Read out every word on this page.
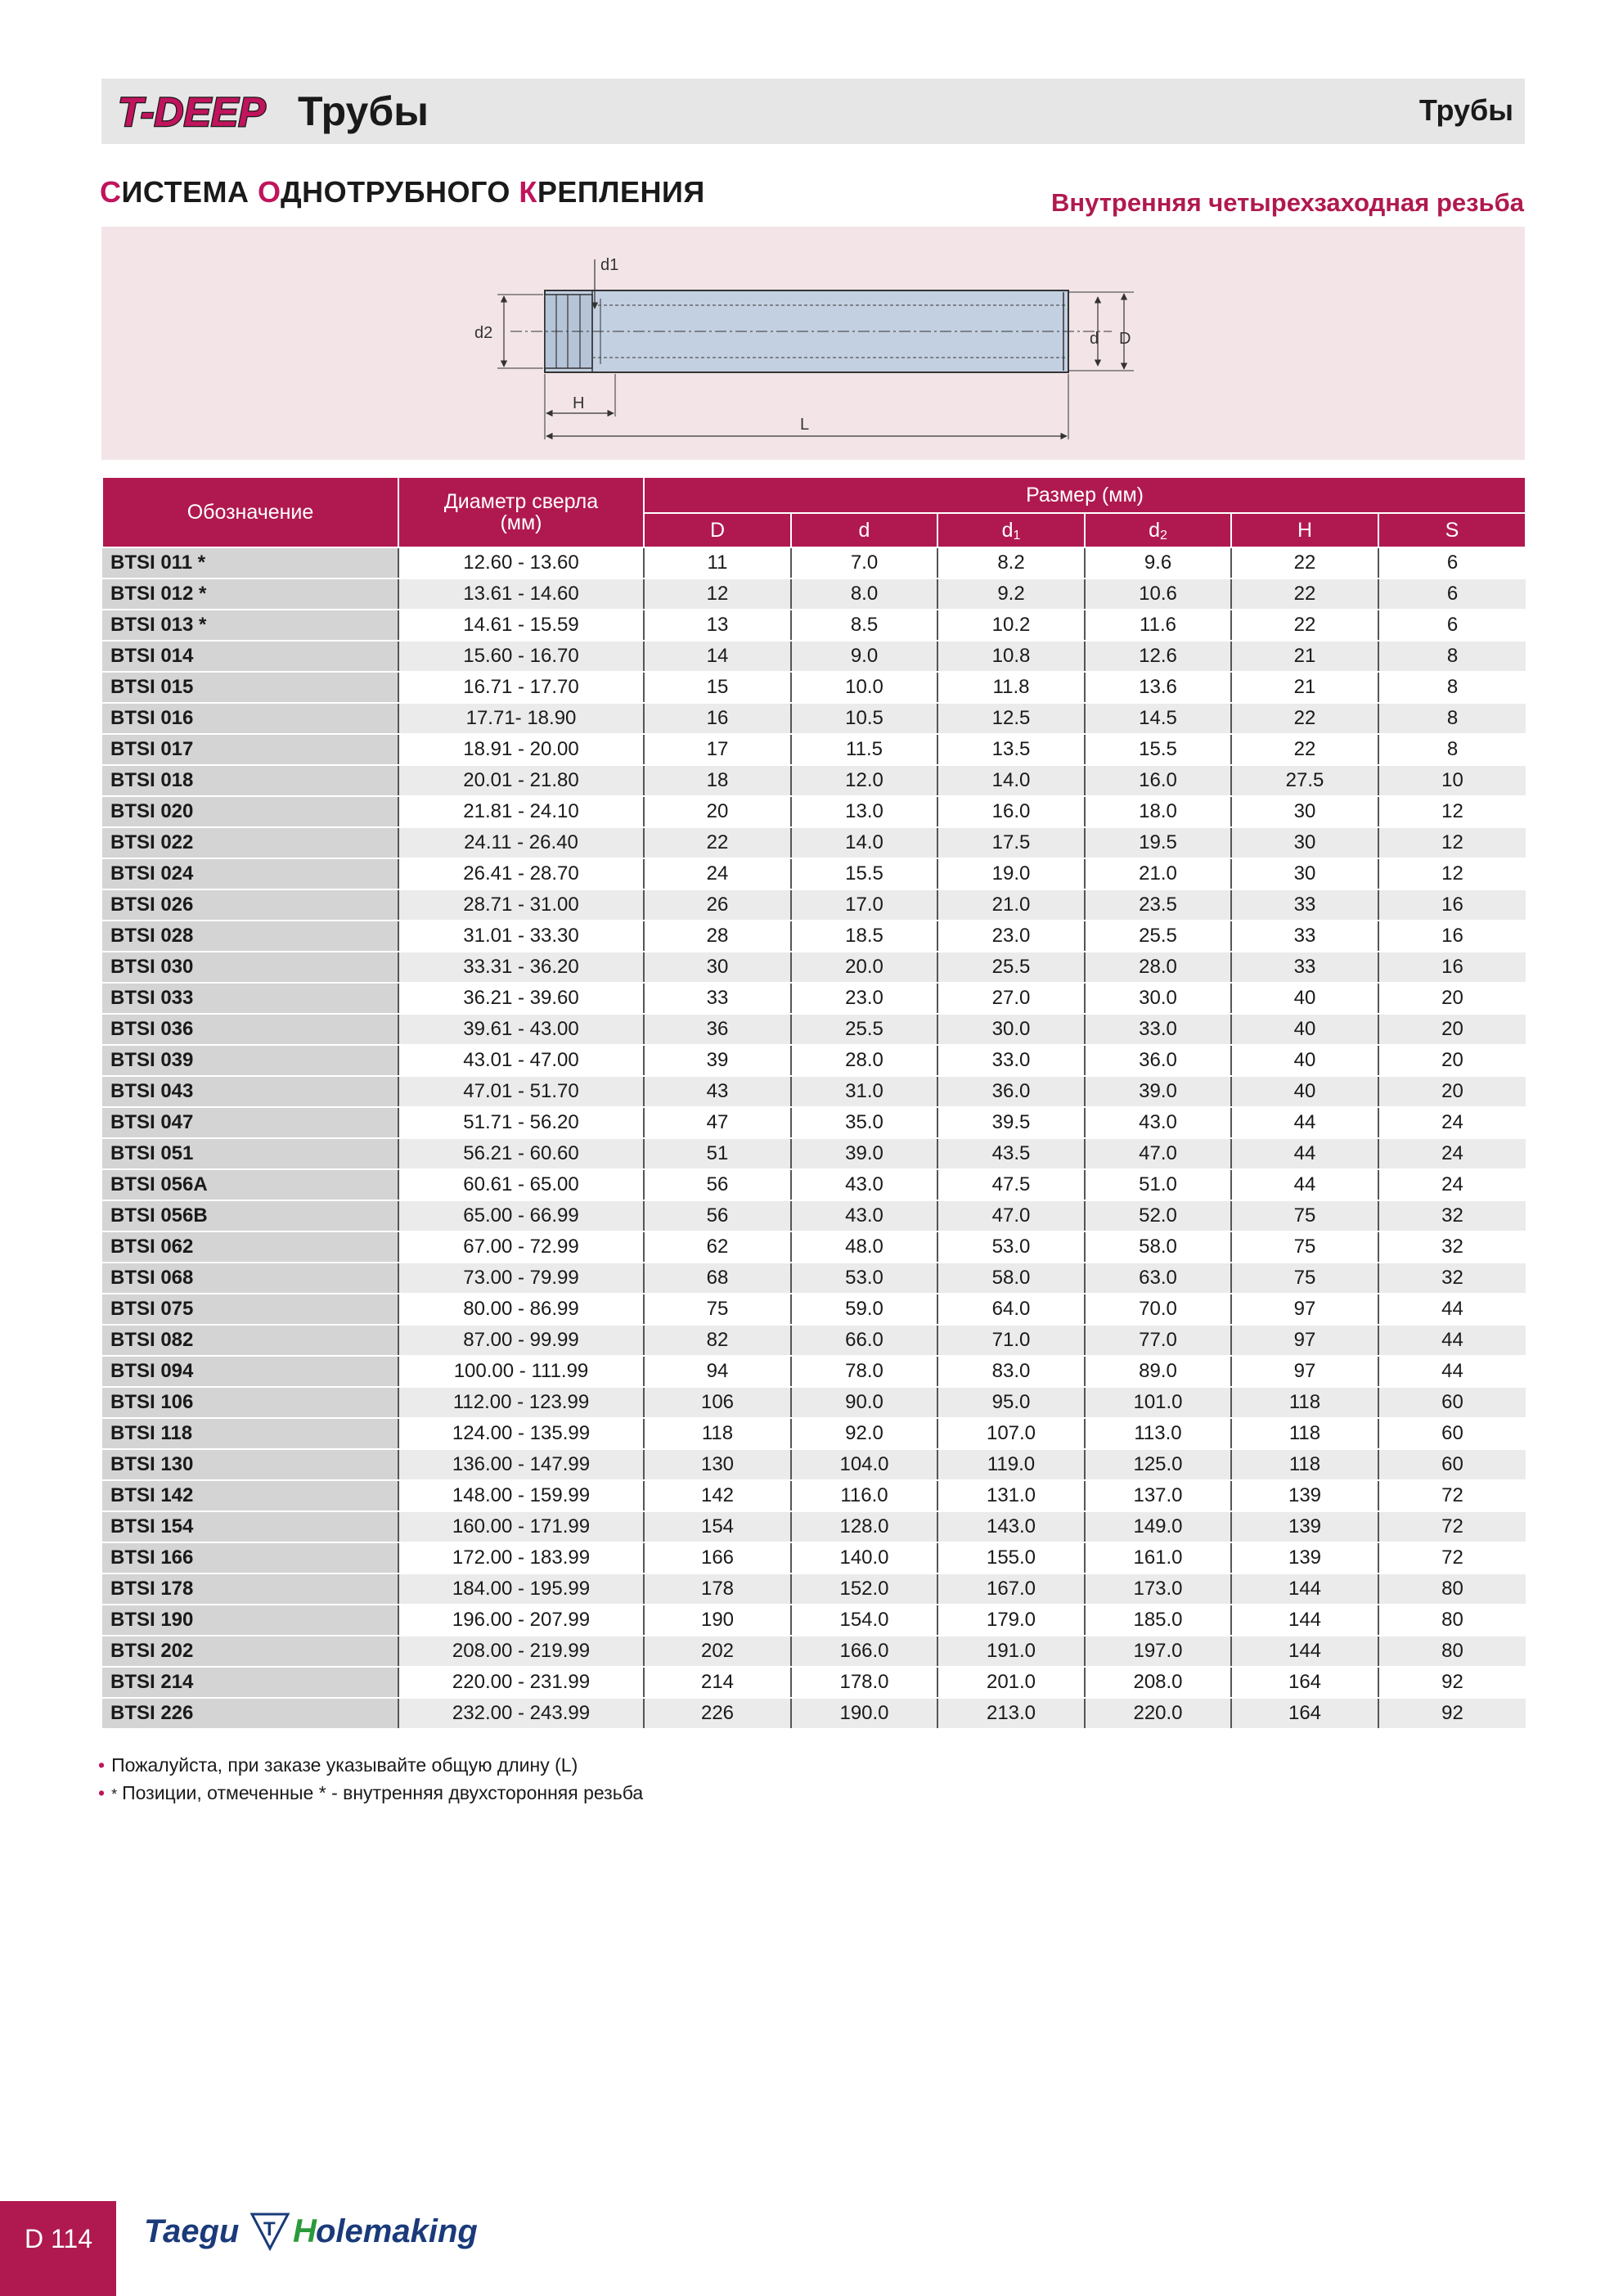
T-DEEP Трубы	Трубы
СИСТЕМА ОДНОТРУБНОГО КРЕПЛЕНИЯ	Внутренняя четырехзаходная резьба
d2
d1
d D
H
L
Обозначение	Диаметр сверла
(мм)	Размер (мм)					
		D	d	d1	d2	H	S
BTSI 011 *	12.60 - 13.60	11	7.0	8.2	9.6	22	6
BTSI 012 *	13.61 - 14.60	12	8.0	9.2	10.6	22	6
BTSI 013 *	14.61 - 15.59	13	8.5	10.2	11.6	22	6
BTSI 014	15.60 - 16.70	14	9.0	10.8	12.6	21	8
BTSI 015	16.71 - 17.70	15	10.0	11.8	13.6	21	8
BTSI 016	17.71- 18.90	16	10.5	12.5	14.5	22	8
BTSI 017	18.91 - 20.00	17	11.5	13.5	15.5	22	8
BTSI 018	20.01 - 21.80	18	12.0	14.0	16.0	27.5	10
BTSI 020	21.81 - 24.10	20	13.0	16.0	18.0	30	12
BTSI 022	24.11 - 26.40	22	14.0	17.5	19.5	30	12
BTSI 024	26.41 - 28.70	24	15.5	19.0	21.0	30	12
BTSI 026	28.71 - 31.00	26	17.0	21.0	23.5	33	16
BTSI 028	31.01 - 33.30	28	18.5	23.0	25.5	33	16
BTSI 030	33.31 - 36.20	30	20.0	25.5	28.0	33	16
BTSI 033	36.21 - 39.60	33	23.0	27.0	30.0	40	20
BTSI 036	39.61 - 43.00	36	25.5	30.0	33.0	40	20
BTSI 039	43.01 - 47.00	39	28.0	33.0	36.0	40	20
BTSI 043	47.01 - 51.70	43	31.0	36.0	39.0	40	20
BTSI 047	51.71 - 56.20	47	35.0	39.5	43.0	44	24
BTSI 051	56.21 - 60.60	51	39.0	43.5	47.0	44	24
BTSI 056A	60.61 - 65.00	56	43.0	47.5	51.0	44	24
BTSI 056B	65.00 - 66.99	56	43.0	47.0	52.0	75	32
BTSI 062	67.00 - 72.99	62	48.0	53.0	58.0	75	32
BTSI 068	73.00 - 79.99	68	53.0	58.0	63.0	75	32
BTSI 075	80.00 - 86.99	75	59.0	64.0	70.0	97	44
BTSI 082	87.00 - 99.99	82	66.0	71.0	77.0	97	44
BTSI 094	100.00 - 111.99	94	78.0	83.0	89.0	97	44
BTSI 106	112.00 - 123.99	106	90.0	95.0	101.0	118	60
BTSI 118	124.00 - 135.99	118	92.0	107.0	113.0	118	60
BTSI 130	136.00 - 147.99	130	104.0	119.0	125.0	118	60
BTSI 142	148.00 - 159.99	142	116.0	131.0	137.0	139	72
BTSI 154	160.00 - 171.99	154	128.0	143.0	149.0	139	72
BTSI 166	172.00 - 183.99	166	140.0	155.0	161.0	139	72
BTSI 178	184.00 - 195.99	178	152.0	167.0	173.0	144	80
BTSI 190	196.00 - 207.99	190	154.0	179.0	185.0	144	80
BTSI 202	208.00 - 219.99	202	166.0	191.0	197.0	144	80
BTSI 214	220.00 - 231.99	214	178.0	201.0	208.0	164	92
BTSI 226	232.00 - 243.99	226	190.0	213.0	220.0	164	92
• Пожалуйста, при заказе указывайте общую длину (L)
• * Позиции, отмеченные * - внутренняя двухсторонняя резьба
D 114 Taegu T H olemaking
